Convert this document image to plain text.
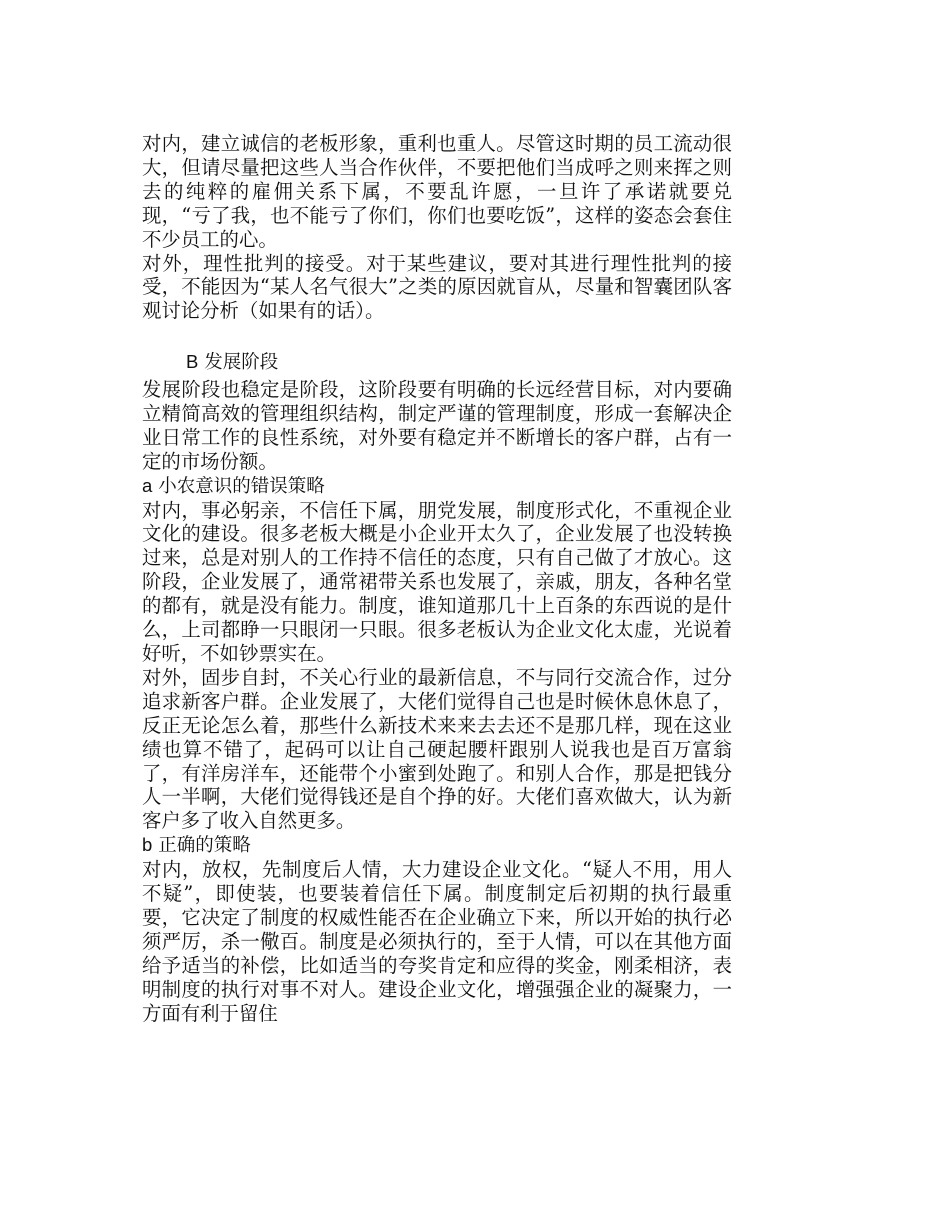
对内，建立诚信的老板形象，重利也重人。尽管这时期的员工流动很大，但请尽量把这些人当合作伙伴，不要把他们当成呼之则来挥之则去的纯粹的雇佣关系下属，不要乱许愿，一旦许了承诺就要兑现，“亏了我，也不能亏了你们，你们也要吃饭”，这样的姿态会套住不少员工的心。

对外，理性批判的接受。对于某些建议，要对其进行理性批判的接受，不能因为“某人名气很大”之类的原因就盲从，尽量和智囊团队客观讨论分析（如果有的话）。

B 发展阶段

发展阶段也稳定是阶段，这阶段要有明确的长远经营目标，对内要确立精简高效的管理组织结构，制定严谨的管理制度，形成一套解决企业日常工作的良性系统，对外要有稳定并不断增长的客户群，占有一定的市场份额。

a 小农意识的错误策略

对内，事必躬亲，不信任下属，朋党发展，制度形式化，不重视企业文化的建设。很多老板大概是小企业开太久了，企业发展了也没转换过来，总是对别人的工作持不信任的态度，只有自己做了才放心。这阶段，企业发展了，通常裙带关系也发展了，亲戚，朋友，各种名堂的都有，就是没有能力。制度，谁知道那几十上百条的东西说的是什么，上司都睁一只眼闭一只眼。很多老板认为企业文化太虚，光说着好听，不如钞票实在。

对外，固步自封，不关心行业的最新信息，不与同行交流合作，过分追求新客户群。企业发展了，大佬们觉得自己也是时候休息休息了，反正无论怎么着，那些什么新技术来来去去还不是那几样，现在这业绩也算不错了，起码可以让自己硬起腰杆跟别人说我也是百万富翁了，有洋房洋车，还能带个小蜜到处跑了。和别人合作，那是把钱分人一半啊，大佬们觉得钱还是自个挣的好。大佬们喜欢做大，认为新客户多了收入自然更多。

b 正确的策略

对内，放权，先制度后人情，大力建设企业文化。“疑人不用，用人不疑”，即使装，也要装着信任下属。制度制定后初期的执行最重要，它决定了制度的权威性能否在企业确立下来，所以开始的执行必须严厉，杀一儆百。制度是必须执行的，至于人情，可以在其他方面给予适当的补偿，比如适当的夸奖肯定和应得的奖金，刚柔相济，表明制度的执行对事不对人。建设企业文化，增强强企业的凝聚力，一方面有利于留住
